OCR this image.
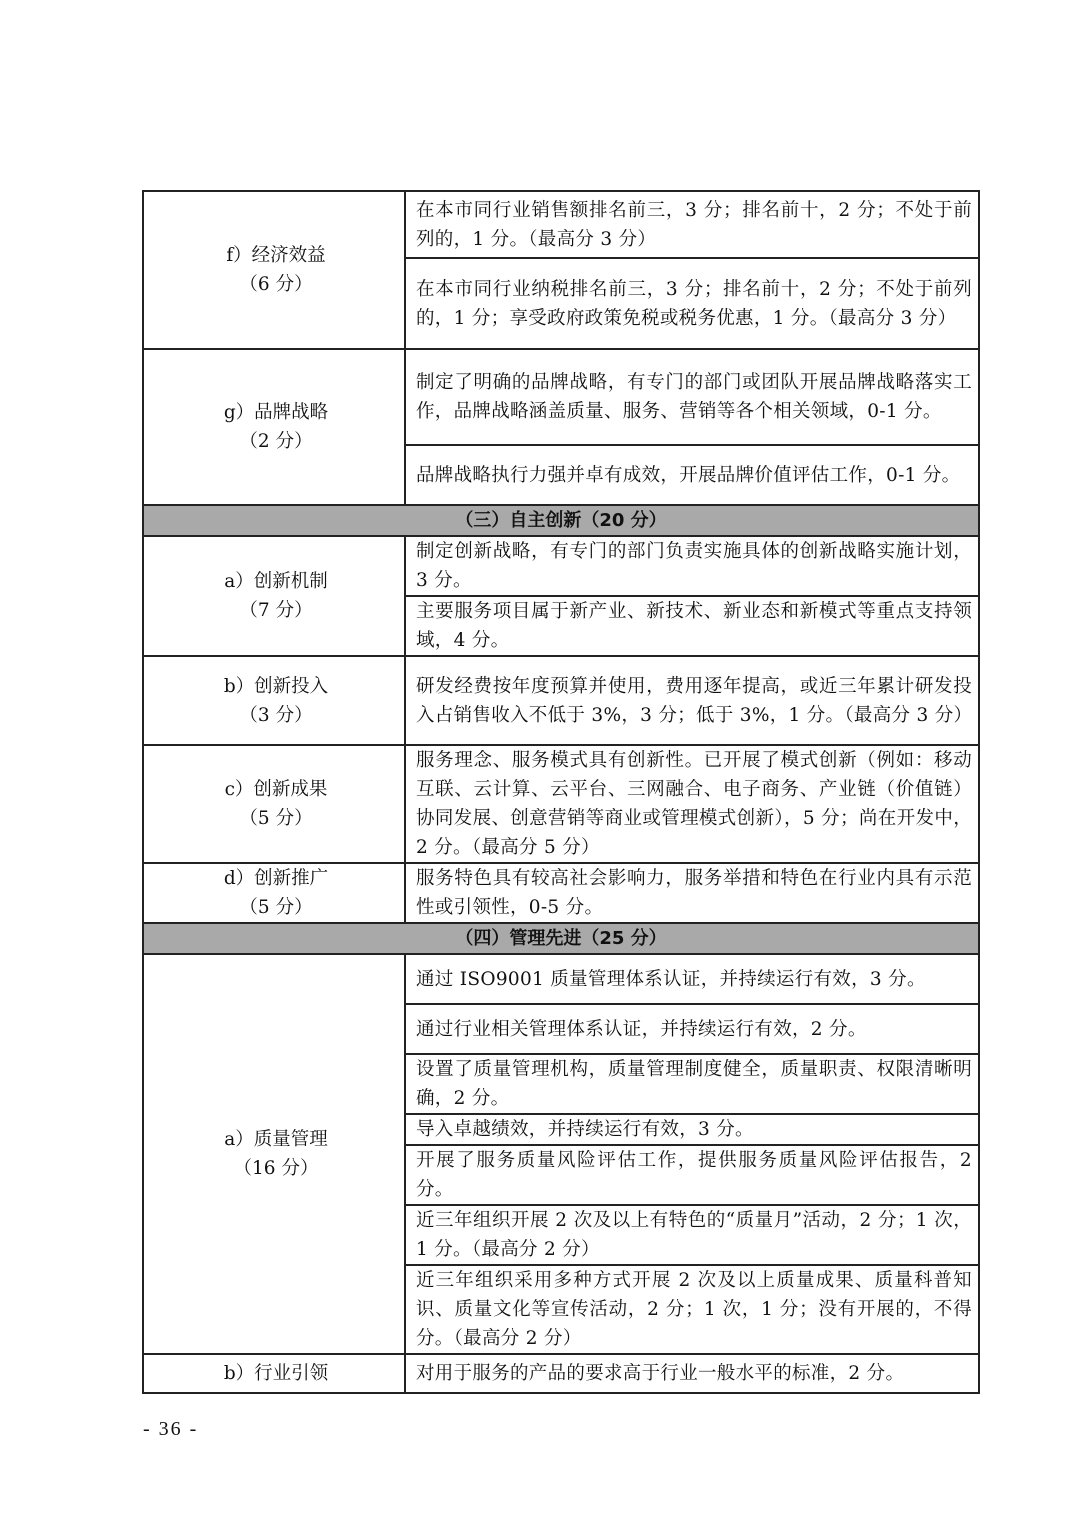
f）经济效益
（6 分）	在本市同行业销售额排名前三，3 分；排名前十，2 分；不处于前列的，1 分。（最高分 3 分）
	在本市同行业纳税排名前三，3 分；排名前十，2 分；不处于前列的，1 分；享受政府政策免税或税务优惠，1 分。（最高分 3 分）

g）品牌战略
（2 分）	制定了明确的品牌战略，有专门的部门或团队开展品牌战略落实工作，品牌战略涵盖质量、服务、营销等各个相关领域，0-1 分。
	品牌战略执行力强并卓有成效，开展品牌价值评估工作，0-1 分。
（三）自主创新（20 分）	

a）创新机制
（7 分）	制定创新战略，有专门的部门负责实施具体的创新战略实施计划，3 分。
	主要服务项目属于新产业、新技术、新业态和新模式等重点支持领域，4 分。

b）创新投入
（3 分）	研发经费按年度预算并使用，费用逐年提高，或近三年累计研发投入占销售收入不低于 3%，3 分；低于 3%，1 分。（最高分 3 分）

c）创新成果
（5 分）	服务理念、服务模式具有创新性。已开展了模式创新（例如：移动互联、云计算、云平台、三网融合、电子商务、产业链（价值链）协同发展、创意营销等商业或管理模式创新），5 分；尚在开发中，2 分。（最高分 5 分）

d）创新推广
（5 分）	服务特色具有较高社会影响力，服务举措和特色在行业内具有示范性或引领性，0-5 分。
（四）管理先进（25 分）	

a）质量管理
（16 分）	通过 ISO9001 质量管理体系认证，并持续运行有效，3 分。
	通过行业相关管理体系认证，并持续运行有效，2 分。
	设置了质量管理机构，质量管理制度健全，质量职责、权限清晰明确，2 分。
	导入卓越绩效，并持续运行有效，3 分。
	开展了服务质量风险评估工作，提供服务质量风险评估报告，2 分。
	近三年组织开展 2 次及以上有特色的“质量月”活动，2 分；1 次，1 分。（最高分 2 分）
	近三年组织采用多种方式开展 2 次及以上质量成果、质量科普知识、质量文化等宣传活动，2 分；1 次，1 分；没有开展的，不得分。（最高分 2 分）

b）行业引领	对用于服务的产品的要求高于行业一般水平的标准，2 分。
- 36 -
